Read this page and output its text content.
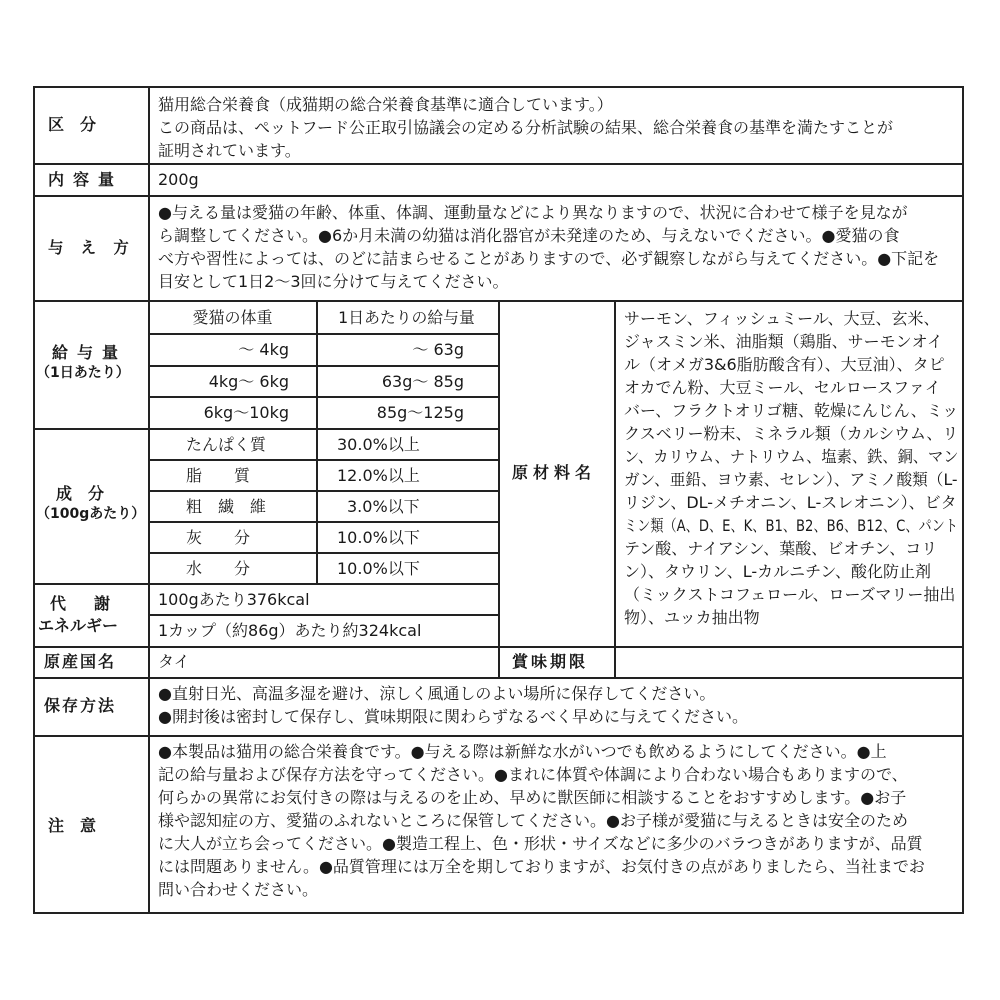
区　分
猫用総合栄養食（成猫期の総合栄養食基準に適合しています。）
この商品は、ペットフード公正取引協議会の定める分析試験の結果、総合栄養食の基準を満たすことが
証明されています。
内容量 200g
与え方
●与える量は愛猫の年齢、体重、体調、運動量などにより異なりますので、状況に合わせて様子を見なが
ら調整してください。●6か月未満の幼猫は消化器官が未発達のため、与えないでください。●愛猫の食
べ方や習性によっては、のどに詰まらせることがありますので、必ず観察しながら与えてください。●下記を
目安として1日2〜3回に分けて与えてください。
給与量
（1日あたり）
愛猫の体重	1日あたりの給与量
〜 4kg	〜 63g
4kg〜 6kg	63g〜 85g
6kg〜10kg	85g〜125g
成　分
（100gあたり）
たんぱく質	30.0%以上
脂　　質	12.0%以上
粗　繊　維	3.0%以下
灰　　分	10.0%以下
水　　分	10.0%以下
代　謝
エネルギー
100gあたり376kcal
1カップ（約86g）あたり約324kcal
原材料名
サーモン、フィッシュミール、大豆、玄米、
ジャスミン米、油脂類（鶏脂、サーモンオイ
ル（オメガ3&6脂肪酸含有）、大豆油）、タピ
オカでん粉、大豆ミール、セルロースファイ
バー、フラクトオリゴ糖、乾燥にんじん、ミッ
クスベリー粉末、ミネラル類（カルシウム、リ
ン、カリウム、ナトリウム、塩素、鉄、銅、マン
ガン、亜鉛、ヨウ素、セレン）、アミノ酸類（L-
リジン、DL-メチオニン、L-スレオニン）、ビタ
ミン類（A、D、E、K、B1、B2、B6、B12、C、パント
テン酸、ナイアシン、葉酸、ビオチン、コリ
ン）、タウリン、L-カルニチン、酸化防止剤
（ミックストコフェロール、ローズマリー抽出
物）、ユッカ抽出物
原産国名	タイ	賞味期限
保存方法
●直射日光、高温多湿を避け、涼しく風通しのよい場所に保存してください。
●開封後は密封して保存し、賞味期限に関わらずなるべく早めに与えてください。
注　意
●本製品は猫用の総合栄養食です。●与える際は新鮮な水がいつでも飲めるようにしてください。●上
記の給与量および保存方法を守ってください。●まれに体質や体調により合わない場合もありますので、
何らかの異常にお気付きの際は与えるのを止め、早めに獣医師に相談することをおすすめします。●お子
様や認知症の方、愛猫のふれないところに保管してください。●お子様が愛猫に与えるときは安全のため
に大人が立ち会ってください。●製造工程上、色・形状・サイズなどに多少のバラつきがありますが、品質
には問題ありません。●品質管理には万全を期しておりますが、お気付きの点がありましたら、当社までお
問い合わせください。
